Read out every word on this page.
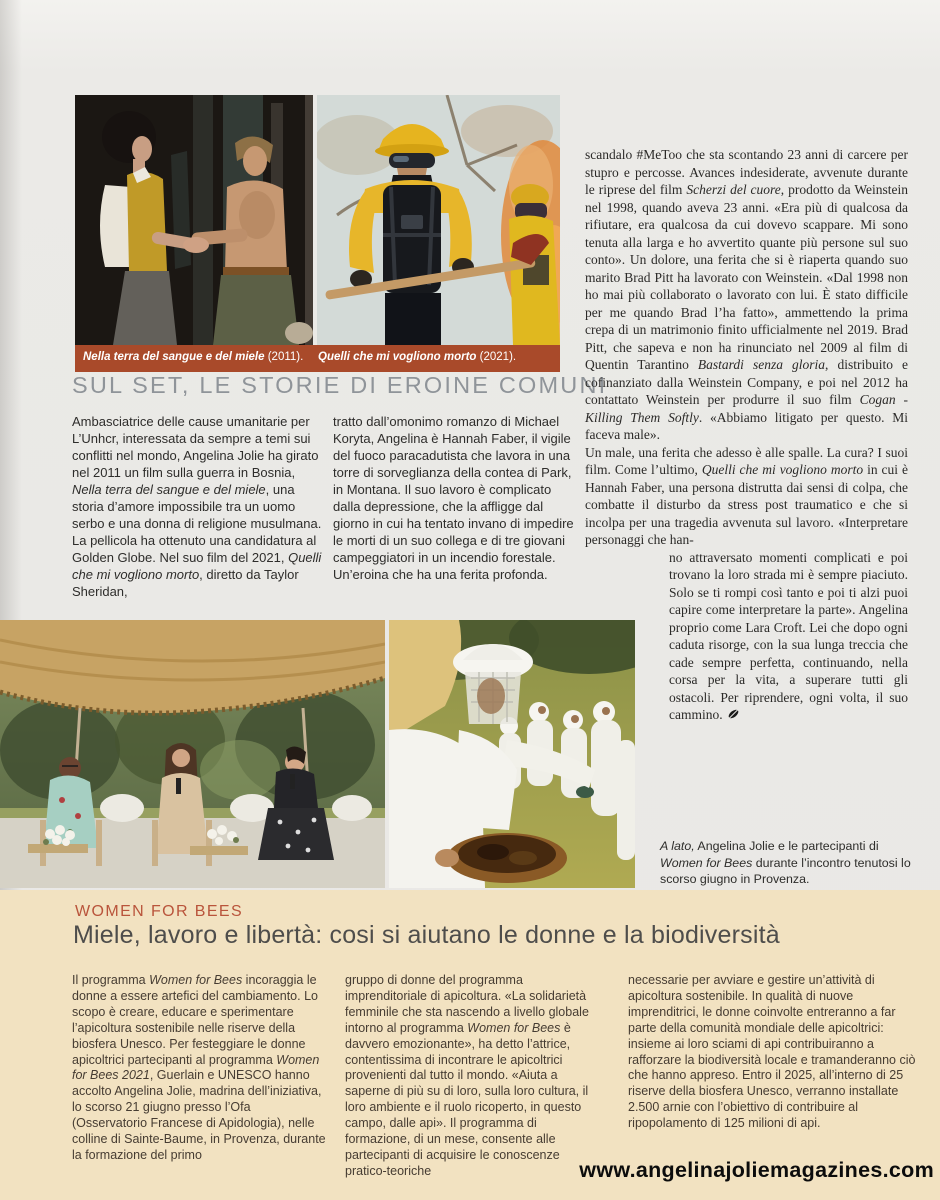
Nella terra del sangue e del miele (2011). Quelli che mi vogliono morto (2021).
SUL SET, LE STORIE DI EROINE COMUNI
Ambasciatrice delle cause umanitarie per L’Unhcr, interessata da sempre a temi sui conflitti nel mondo, Angelina Jolie ha girato nel 2011 un film sulla guerra in Bosnia, Nella terra del sangue e del miele, una storia d’amore impossibile tra un uomo serbo e una donna di religione musulmana. La pellicola ha ottenuto una candidatura al Golden Globe. Nel suo film del 2021, Quelli che mi vogliono morto, diretto da Taylor Sheridan,
tratto dall’omonimo romanzo di Michael Koryta, Angelina è Hannah Faber, il vigile del fuoco paracadutista che lavora in una torre di sorveglianza della contea di Park, in Montana. Il suo lavoro è complicato dalla depressione, che la affligge dal giorno in cui ha tentato invano di impedire le morti di un suo collega e di tre giovani campeggiatori in un incendio forestale. Un’eroina che ha una ferita profonda.

scandalo #MeToo che sta scontando 23 anni di carcere per stupro e percosse. Avances indesiderate, avvenute durante le riprese del film Scherzi del cuore, prodotto da Weinstein nel 1998, quando aveva 23 anni. «Era più di qualcosa da rifiutare, era qualcosa da cui dovevo scappare. Mi sono tenuta alla larga e ho avvertito quante più persone sul suo conto». Un dolore, una ferita che si è riaperta quando suo marito Brad Pitt ha lavorato con Weinstein. «Dal 1998 non ho mai più collaborato o lavorato con lui. È stato difficile per me quando Brad l’ha fatto», ammettendo la prima crepa di un matrimonio finito ufficialmente nel 2019. Brad Pitt, che sapeva e non ha rinunciato nel 2009 al film di Quentin Tarantino Bastardi senza gloria, distribuito e cofinanziato dalla Weinstein Company, e poi nel 2012 ha contattato Weinstein per produrre il suo film Cogan - Killing Them Softly. «Abbiamo litigato per questo. Mi faceva male».

Un male, una ferita che adesso è alle spalle. La cura? I suoi film. Come l’ultimo, Quelli che mi vogliono morto in cui è Hannah Faber, una persona distrutta dai sensi di colpa, che combatte il disturbo da stress post traumatico e che si incolpa per una tragedia avvenuta sul lavoro. «Interpretare personaggi che han-

no attraversato momenti complicati e poi trovano la loro strada mi è sempre piaciuto. Solo se ti rompi così tanto e poi ti alzi puoi capire come interpretare la parte». Angelina proprio come Lara Croft. Lei che dopo ogni caduta risorge, con la sua lunga treccia che cade sempre perfetta, continuando, nella corsa per la vita, a superare tutti gli ostacoli. Per riprendere, ogni volta, il suo cammino.

A lato, Angelina Jolie e le partecipanti di Women for Bees durante l’incontro tenutosi lo scorso giugno in Provenza.
WOMEN FOR BEES
Miele, lavoro e libertà: cosi si aiutano le donne e la biodiversità
Il programma Women for Bees incoraggia le donne a essere artefici del cambiamento. Lo scopo è creare, educare e sperimentare l’apicoltura sostenibile nelle riserve della biosfera Unesco. Per festeggiare le donne apicoltrici partecipanti al programma Women for Bees 2021, Guerlain e UNESCO hanno accolto Angelina Jolie, madrina dell’iniziativa, lo scorso 21 giugno presso l’Ofa (Osservatorio Francese di Apidologia), nelle colline di Sainte-Baume, in Provenza, durante la formazione del primo
gruppo di donne del programma imprenditoriale di apicoltura. «La solidarietà femminile che sta nascendo a livello globale intorno al programma Women for Bees è davvero emozionante», ha detto l’attrice, contentissima di incontrare le apicoltrici provenienti dal tutto il mondo. «Aiuta a saperne di più su di loro, sulla loro cultura, il loro ambiente e il ruolo ricoperto, in questo campo, dalle api». Il programma di formazione, di un mese, consente alle partecipanti di acquisire le conoscenze pratico-teoriche
necessarie per avviare e gestire un’attività di apicoltura sostenibile. In qualità di nuove imprenditrici, le donne coinvolte entreranno a far parte della comunità mondiale delle apicoltrici: insieme ai loro sciami di api contribuiranno a rafforzare la biodiversità locale e tramanderanno ciò che hanno appreso. Entro il 2025, all’interno di 25 riserve della biosfera Unesco, verranno installate 2.500 arnie con l’obiettivo di contribuire al ripopolamento di 125 milioni di api.
www.angelinajoliemagazines.com
